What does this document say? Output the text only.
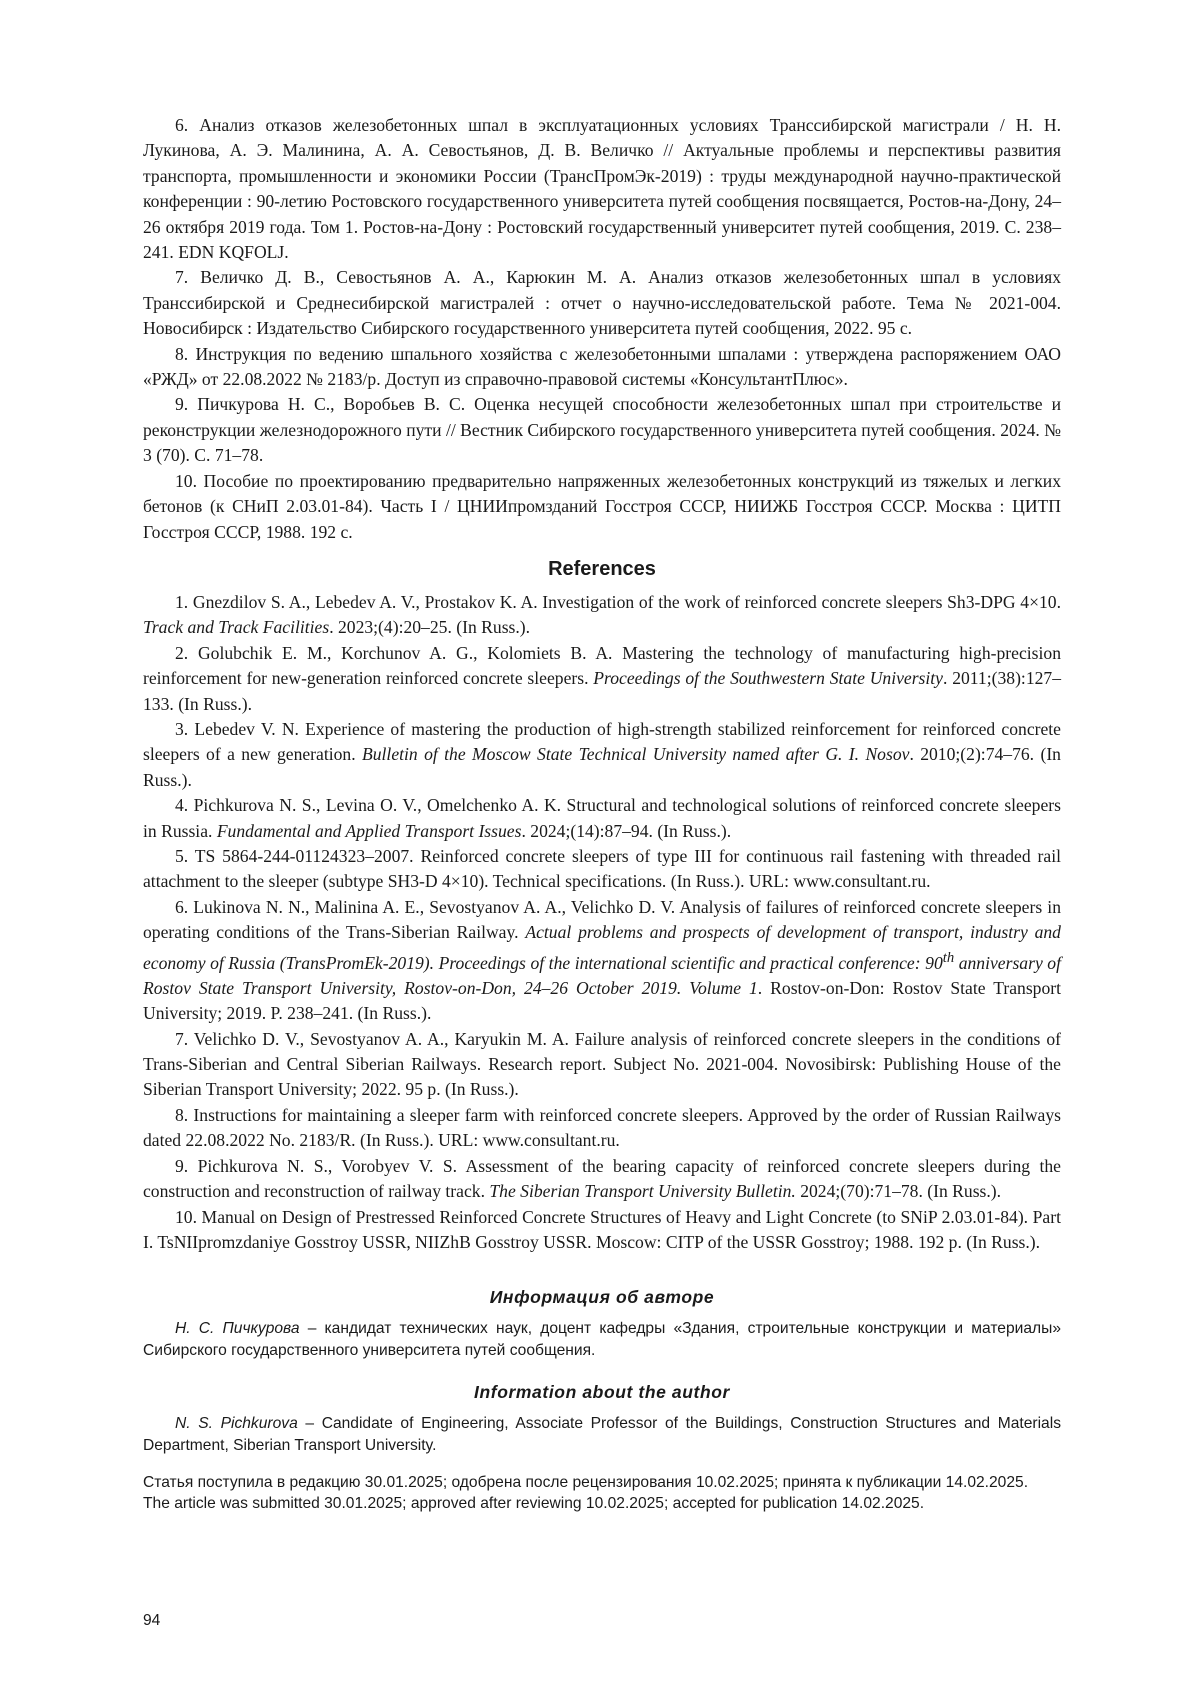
6. Анализ отказов железобетонных шпал в эксплуатационных условиях Транссибирской магистрали / Н. Н. Лукинова, А. Э. Малинина, А. А. Севостьянов, Д. В. Величко // Актуальные проблемы и перспективы развития транспорта, промышленности и экономики России (ТрансПромЭк-2019) : труды международной научно-практической конференции : 90-летию Ростовского государственного университета путей сообщения посвящается, Ростов-на-Дону, 24–26 октября 2019 года. Том 1. Ростов-на-Дону : Ростовский государственный университет путей сообщения, 2019. С. 238–241. EDN KQFOLJ.

7. Величко Д. В., Севостьянов А. А., Карюкин М. А. Анализ отказов железобетонных шпал в условиях Транссибирской и Среднесибирской магистралей : отчет о научно-исследовательской работе. Тема № 2021-004. Новосибирск : Издательство Сибирского государственного университета путей сообщения, 2022. 95 с.

8. Инструкция по ведению шпального хозяйства с железобетонными шпалами : утверждена распоряжением ОАО «РЖД» от 22.08.2022 № 2183/р. Доступ из справочно-правовой системы «КонсультантПлюс».

9. Пичкурова Н. С., Воробьев В. С. Оценка несущей способности железобетонных шпал при строительстве и реконструкции железнодорожного пути // Вестник Сибирского государственного университета путей сообщения. 2024. № 3 (70). С. 71–78.

10. Пособие по проектированию предварительно напряженных железобетонных конструкций из тяжелых и легких бетонов (к СНиП 2.03.01-84). Часть I / ЦНИИпромзданий Госстроя СССР, НИИЖБ Госстроя СССР. Москва : ЦИТП Госстроя СССР, 1988. 192 с.

References

1. Gnezdilov S. A., Lebedev A. V., Prostakov K. A. Investigation of the work of reinforced concrete sleepers Sh3-DPG 4×10. Track and Track Facilities. 2023;(4):20–25. (In Russ.).

2. Golubchik E. M., Korchunov A. G., Kolomiets B. A. Mastering the technology of manufacturing high-precision reinforcement for new-generation reinforced concrete sleepers. Proceedings of the Southwestern State University. 2011;(38):127–133. (In Russ.).

3. Lebedev V. N. Experience of mastering the production of high-strength stabilized reinforcement for reinforced concrete sleepers of a new generation. Bulletin of the Moscow State Technical University named after G. I. Nosov. 2010;(2):74–76. (In Russ.).

4. Pichkurova N. S., Levina O. V., Omelchenko A. K. Structural and technological solutions of reinforced concrete sleepers in Russia. Fundamental and Applied Transport Issues. 2024;(14):87–94. (In Russ.).

5. TS 5864-244-01124323–2007. Reinforced concrete sleepers of type III for continuous rail fastening with threaded rail attachment to the sleeper (subtype SH3-D 4×10). Technical specifications. (In Russ.). URL: www.consultant.ru.

6. Lukinova N. N., Malinina A. E., Sevostyanov A. A., Velichko D. V. Analysis of failures of reinforced concrete sleepers in operating conditions of the Trans-Siberian Railway. Actual problems and prospects of development of transport, industry and economy of Russia (TransPromEk-2019). Proceedings of the international scientific and practical conference: 90th anniversary of Rostov State Transport University, Rostov-on-Don, 24–26 October 2019. Volume 1. Rostov-on-Don: Rostov State Transport University; 2019. P. 238–241. (In Russ.).

7. Velichko D. V., Sevostyanov A. A., Karyukin M. A. Failure analysis of reinforced concrete sleepers in the conditions of Trans-Siberian and Central Siberian Railways. Research report. Subject No. 2021-004. Novosibirsk: Publishing House of the Siberian Transport University; 2022. 95 p. (In Russ.).

8. Instructions for maintaining a sleeper farm with reinforced concrete sleepers. Approved by the order of Russian Railways dated 22.08.2022 No. 2183/R. (In Russ.). URL: www.consultant.ru.

9. Pichkurova N. S., Vorobyev V. S. Assessment of the bearing capacity of reinforced concrete sleepers during the construction and reconstruction of railway track. The Siberian Transport University Bulletin. 2024;(70):71–78. (In Russ.).

10. Manual on Design of Prestressed Reinforced Concrete Structures of Heavy and Light Concrete (to SNiP 2.03.01-84). Part I. TsNIIpromzdaniye Gosstroy USSR, NIIZhB Gosstroy USSR. Moscow: CITP of the USSR Gosstroy; 1988. 192 p. (In Russ.).

Информация об авторе

Н. С. Пичкурова – кандидат технических наук, доцент кафедры «Здания, строительные конструкции и материалы» Сибирского государственного университета путей сообщения.

Information about the author

N. S. Pichkurova – Candidate of Engineering, Associate Professor of the Buildings, Construction Structures and Materials Department, Siberian Transport University.

Статья поступила в редакцию 30.01.2025; одобрена после рецензирования 10.02.2025; принята к публикации 14.02.2025.

The article was submitted 30.01.2025; approved after reviewing 10.02.2025; accepted for publication 14.02.2025.

94
